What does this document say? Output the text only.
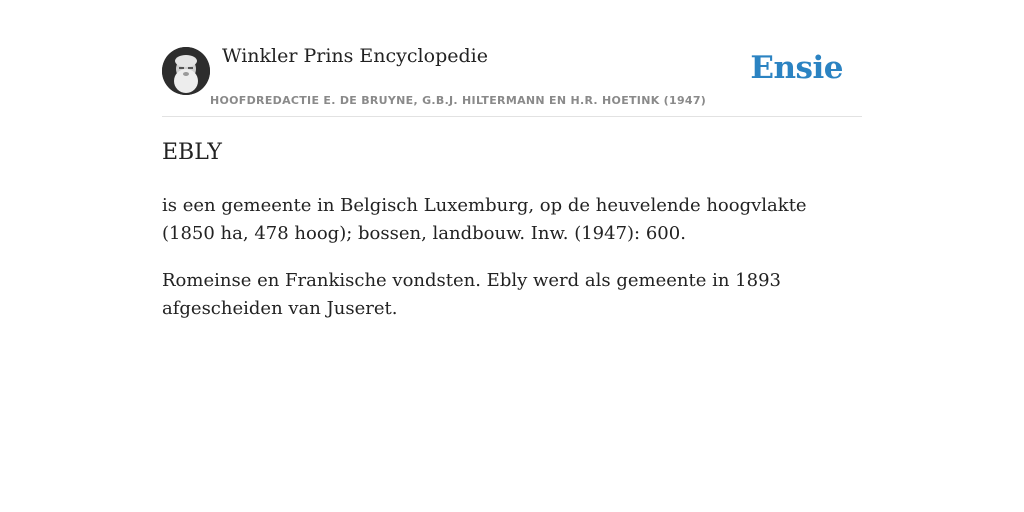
Winkler Prins Encyclopedie
HOOFDREDACTIE E. DE BRUYNE, G.B.J. HILTERMANN EN H.R. HOETINK (1947)
Ensie
EBLY

is een gemeente in Belgisch Luxemburg, op de heuvelende hoogvlakte (1850 ha, 478 hoog); bossen, landbouw. Inw. (1947): 600.

Romeinse en Frankische vondsten. Ebly werd als gemeente in 1893 afgescheiden van Juseret.
